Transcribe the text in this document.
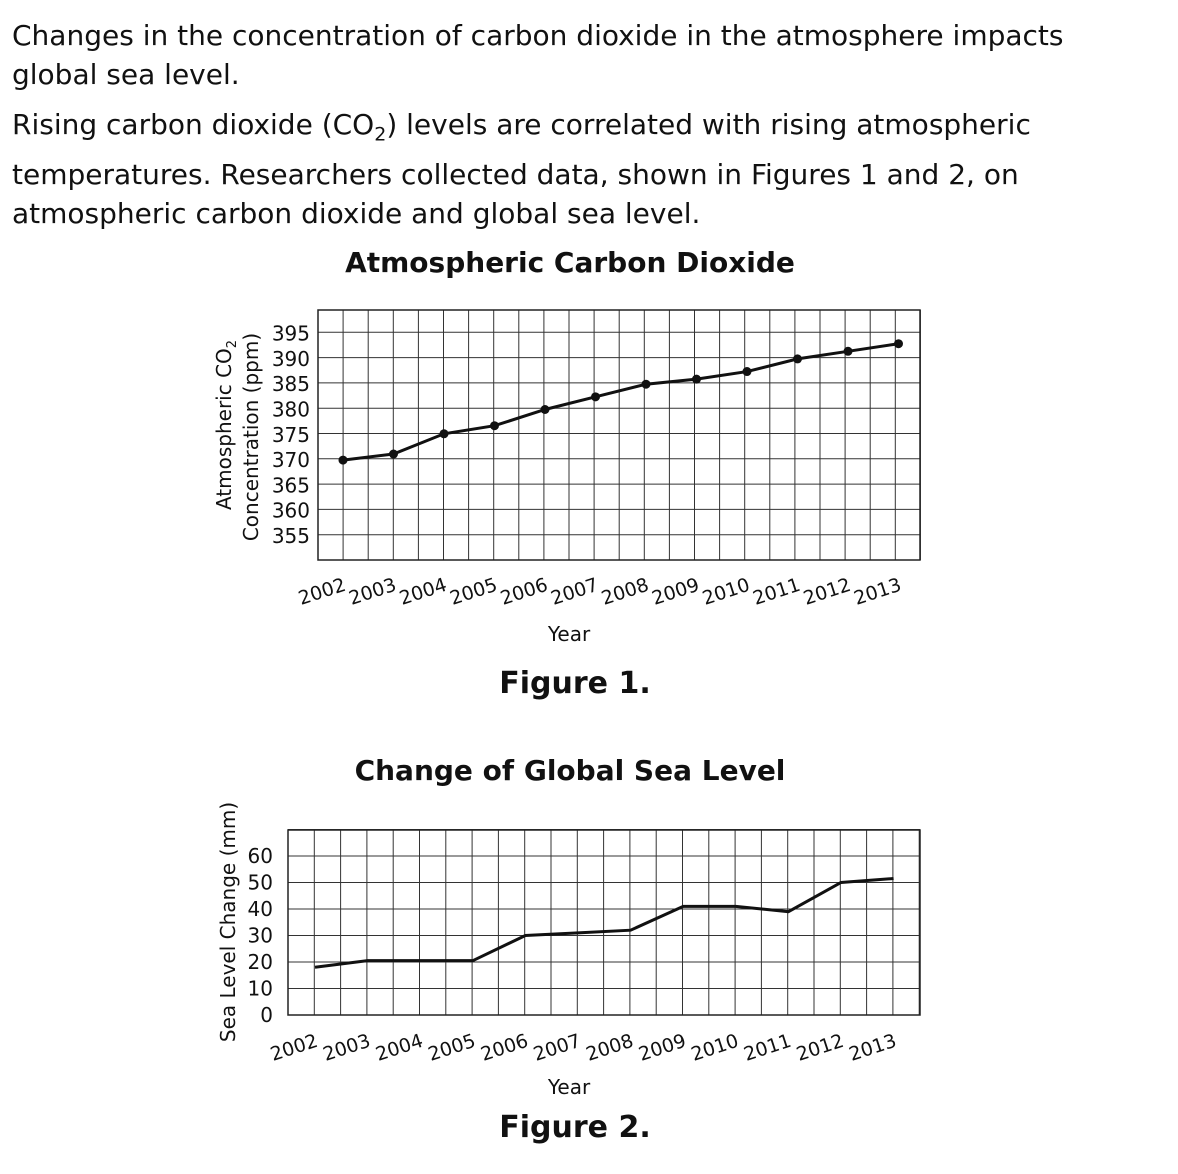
Changes in the concentration of carbon dioxide in the atmosphere impacts global sea level.

Rising carbon dioxide $(CO_2)$ levels are correlated with rising atmospheric temperatures. Researchers collected data, shown in Figures 1 and 2, on atmospheric carbon dioxide and global sea level.

Atmospheric Carbon Dioxide
355
360
365
370
375
380
385
390
395
2002
2003
2004
2005
2006
2007
2008
2009
2010
2011
2012
2013
Year
Atmospheric $CO_2$ Concentration (ppm)

Figure 1.

Change of Global Sea Level
0
10
20
30
40
50
60
2002 2003 2004 2005 2006 2007 2008 2009 2010 2011 2012 2013
Year
Sea Level Change (mm)

Figure 2.
